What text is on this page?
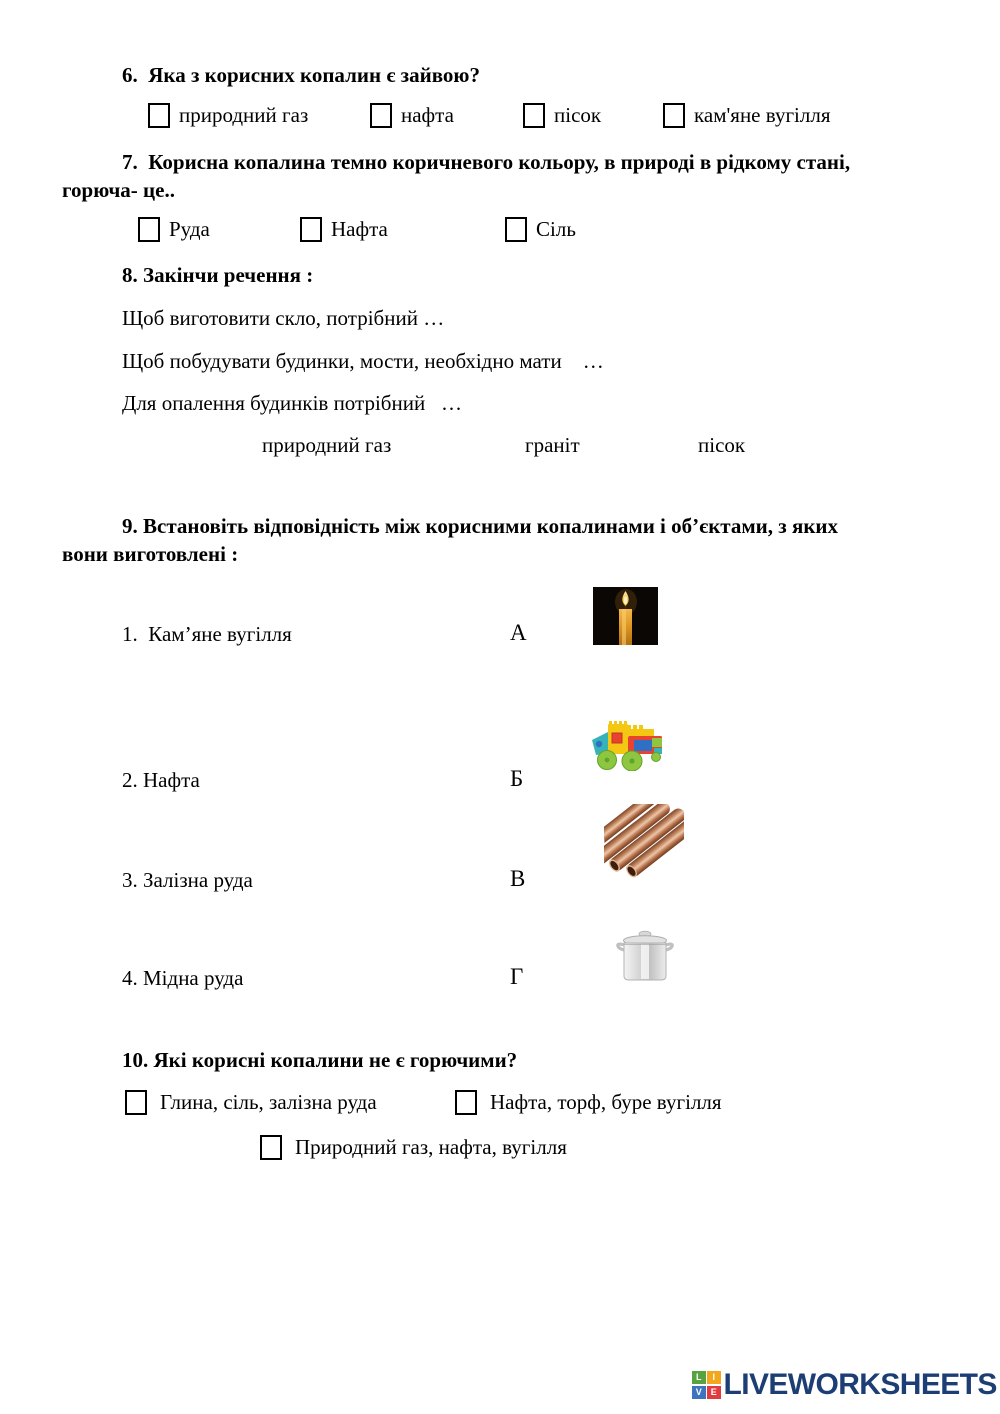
6.  Яка з корисних копалин є зайвою?
природний газ	нафта	пісок	кам'яне вугілля
7.  Корисна копалина темно коричневого кольору, в природі в рідкому стані,
горюча- це..
Руда	Нафта	Сіль
8. Закінчи речення :
Щоб виготовити скло, потрібний …
Щоб побудувати будинки, мости, необхідно мати    …
Для опалення будинків потрібний   …
природний газ	граніт	пісок
9. Встановіть відповідність між корисними копалинами і об’єктами, з яких
вони виготовлені :
1.  Кам’яне вугілля	А
2. Нафта	Б
3. Залізна руда	В
4. Мідна руда	Г
10. Які корисні копалини не є горючими?
Глина, сіль, залізна руда	Нафта, торф, буре вугілля
Природний газ, нафта, вугілля
L	I
V E LIVEWORKSHEETS
